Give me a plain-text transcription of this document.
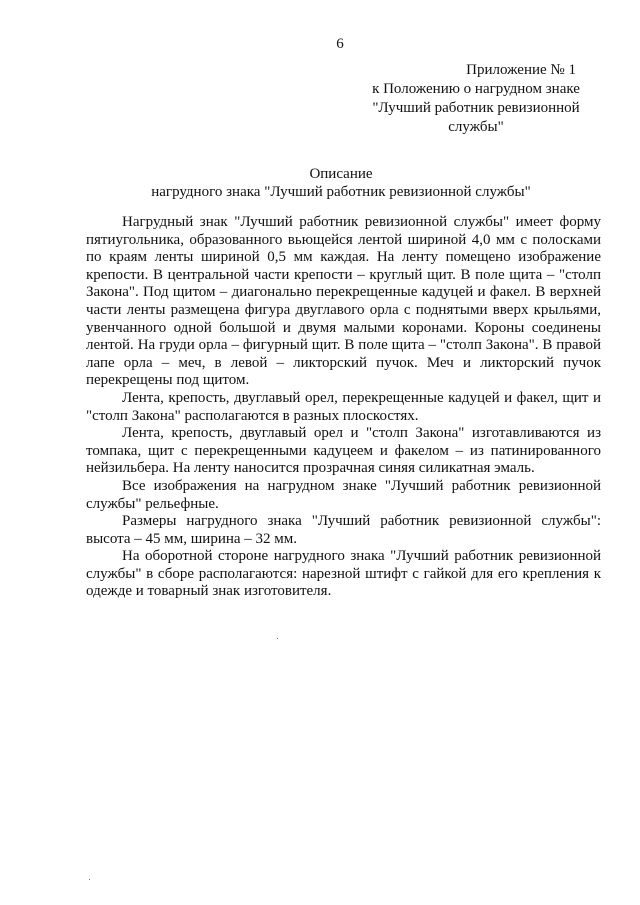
6
Приложение № 1
к Положению о нагрудном знаке
"Лучший работник ревизионной
службы"
Описание
нагрудного знака "Лучший работник ревизионной службы"

Нагрудный знак "Лучший работник ревизионной службы" имеет форму пятиугольника, образованного вьющейся лентой шириной 4,0 мм с полосками по краям ленты шириной 0,5 мм каждая. На ленту помещено изображение крепости. В центральной части крепости – круглый щит. В поле щита – "столп Закона". Под щитом – диагонально перекрещенные кадуцей и факел. В верхней части ленты размещена фигура двуглавого орла с поднятыми вверх крыльями, увенчанного одной большой и двумя малыми коронами. Короны соединены лентой. На груди орла – фигурный щит. В поле щита – "столп Закона". В правой лапе орла – меч, в левой – ликторский пучок. Меч и ликторский пучок перекрещены под щитом.

Лента, крепость, двуглавый орел, перекрещенные кадуцей и факел, щит и "столп Закона" располагаются в разных плоскостях.

Лента, крепость, двуглавый орел и "столп Закона" изготавливаются из томпака, щит с перекрещенными кадуцеем и факелом – из патинированного нейзильбера. На ленту наносится прозрачная синяя силикатная эмаль.

Все изображения на нагрудном знаке "Лучший работник ревизионной службы" рельефные.

Размеры нагрудного знака "Лучший работник ревизионной службы": высота – 45 мм, ширина – 32 мм.

На оборотной стороне нагрудного знака "Лучший работник ревизионной службы" в сборе располагаются: нарезной штифт с гайкой для его крепления к одежде и товарный знак изготовителя.
